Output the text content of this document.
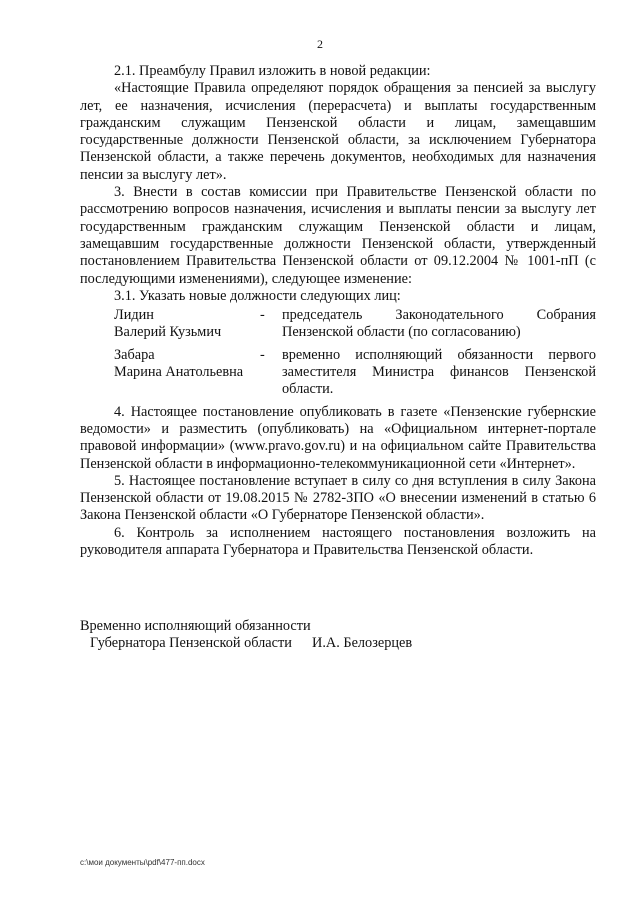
2

2.1. Преамбулу Правил изложить в новой редакции:

«Настоящие Правила определяют порядок обращения за пенсией за выслугу лет, ее назначения, исчисления (перерасчета) и выплаты государственным гражданским служащим Пензенской области и лицам, замещавшим государственные должности Пензенской области, за исключением Губернатора Пензенской области, а также перечень документов, необходимых для назначения пенсии за выслугу лет».

3. Внести в состав комиссии при Правительстве Пензенской области по рассмотрению вопросов назначения, исчисления и выплаты пенсии за выслугу лет государственным гражданским служащим Пензенской области и лицам, замещавшим государственные должности Пензенской области, утвержденный постановлением Правительства Пензенской области от 09.12.2004 № 1001-пП (с последующими изменениями), следующее изменение:

3.1. Указать новые должности следующих лиц:

Лидин
Валерий Кузьмич
-	председатель Законодательного Собрания Пензенской области (по согласованию)
Забара
Марина Анатольевна
-	временно исполняющий обязанности первого заместителя Министра финансов Пензенской области.

4. Настоящее постановление опубликовать в газете «Пензенские губернские ведомости» и разместить (опубликовать) на «Официальном интернет-портале правовой информации» (www.pravo.gov.ru) и на официальном сайте Правительства Пензенской области в информационно-телекоммуникационной сети «Интернет».

5. Настоящее постановление вступает в силу со дня вступления в силу Закона Пензенской области от 19.08.2015 № 2782-ЗПО «О внесении изменений в статью 6 Закона Пензенской области «О Губернаторе Пензенской области».

6. Контроль за исполнением настоящего постановления возложить на руководителя аппарата Губернатора и Правительства Пензенской области.

Временно исполняющий обязанности
Губернатора Пензенской области	И.А. Белозерцев
c:\мои документы\pdf\477-пп.docx
